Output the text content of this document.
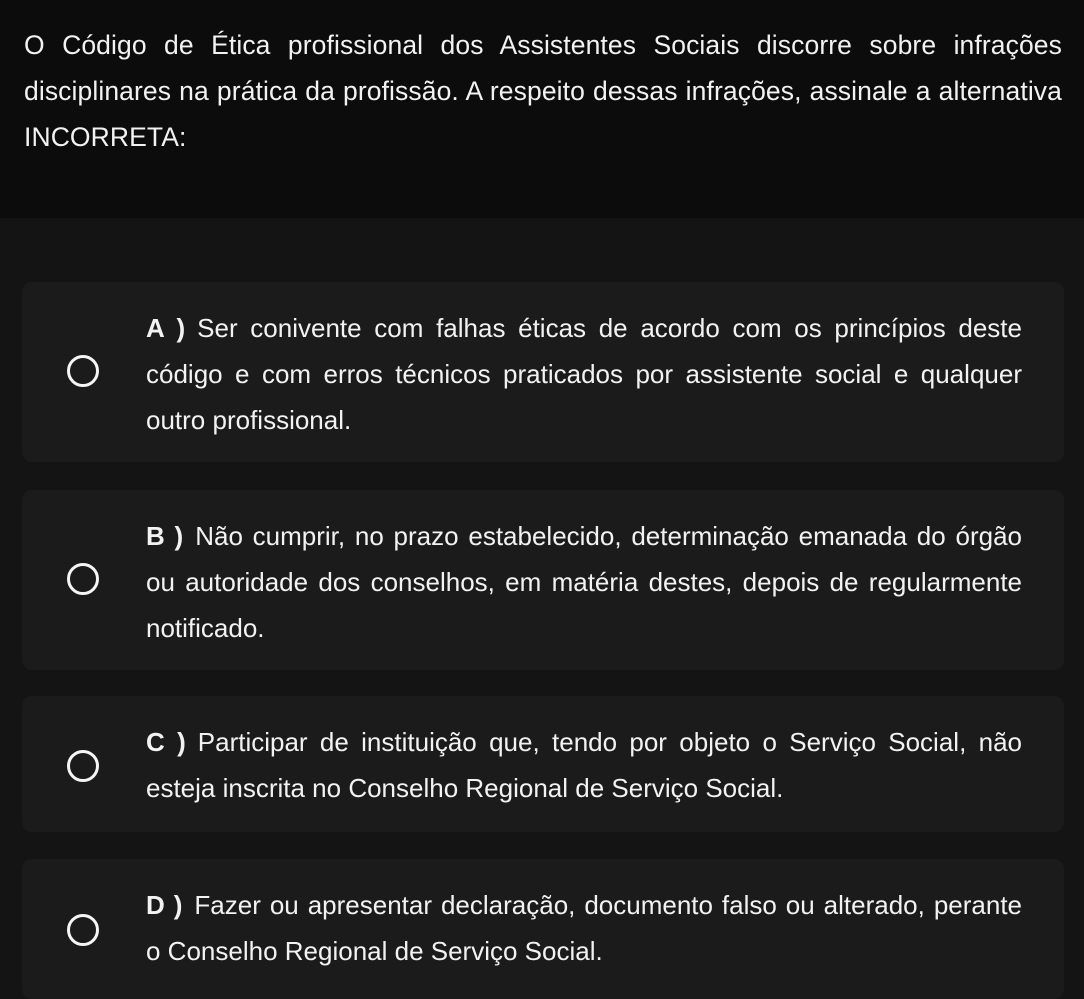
O Código de Ética profissional dos Assistentes Sociais discorre sobre infrações disciplinares na prática da profissão. A respeito dessas infrações, assinale a alternativa INCORRETA:

A ) Ser conivente com falhas éticas de acordo com os princípios deste código e com erros técnicos praticados por assistente social e qualquer outro profissional.

B ) Não cumprir, no prazo estabelecido, determinação emanada do órgão ou autoridade dos conselhos, em matéria destes, depois de regularmente notificado.

C ) Participar de instituição que, tendo por objeto o Serviço Social, não esteja inscrita no Conselho Regional de Serviço Social.

D ) Fazer ou apresentar declaração, documento falso ou alterado, perante o Conselho Regional de Serviço Social.
